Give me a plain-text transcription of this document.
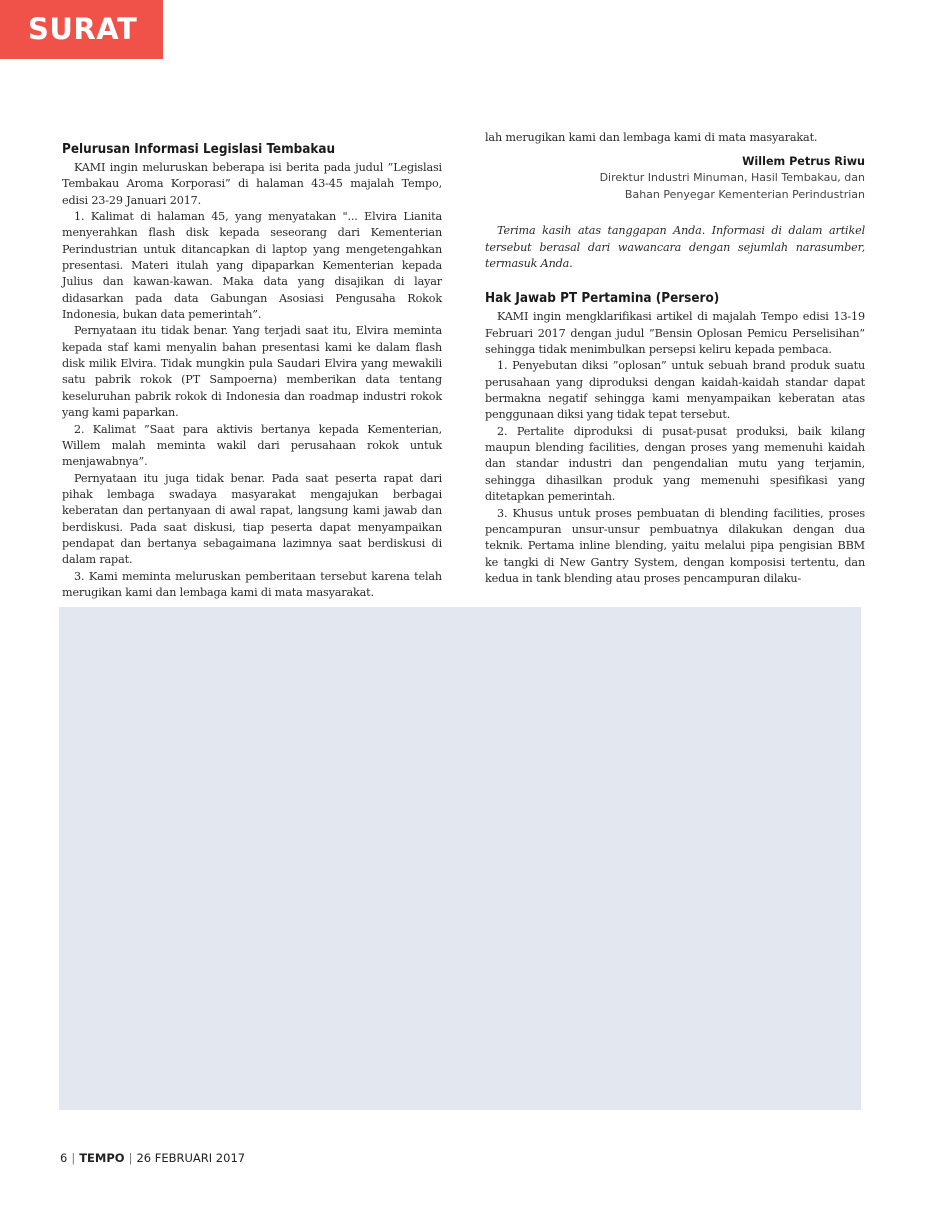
SURAT
Pelurusan Informasi Legislasi Tembakau

KAMI ingin meluruskan beberapa isi berita pada judul ”Legislasi Tembakau Aroma Korporasi” di halaman 43-45 majalah Tempo, edisi 23-29 Januari 2017.

1. Kalimat di halaman 45, yang menyatakan "... Elvira Lianita menyerahkan flash disk kepada seseorang dari Kementerian Perindustrian untuk ditancapkan di laptop yang mengetengahkan presentasi. Materi itulah yang dipaparkan Kementerian kepada Julius dan kawan-kawan. Maka data yang disajikan di layar didasarkan pada data Gabungan Asosiasi Pengusaha Rokok Indonesia, bukan data pemerintah”.

Pernyataan itu tidak benar. Yang terjadi saat itu, Elvira meminta kepada staf kami menyalin bahan presentasi kami ke dalam flash disk milik Elvira. Tidak mungkin pula Saudari Elvira yang mewakili satu pabrik rokok (PT Sampoerna) memberikan data tentang keseluruhan pabrik rokok di Indonesia dan roadmap industri rokok yang kami paparkan.

2. Kalimat ”Saat para aktivis bertanya kepada Kementerian, Willem malah meminta wakil dari perusahaan rokok untuk menjawabnya”.

Pernyataan itu juga tidak benar. Pada saat peserta rapat dari pihak lembaga swadaya masyarakat mengajukan berbagai keberatan dan pertanyaan di awal rapat, langsung kami jawab dan berdiskusi. Pada saat diskusi, tiap peserta dapat menyampaikan pendapat dan bertanya sebagaimana lazimnya saat berdiskusi di dalam rapat.

3. Kami meminta meluruskan pemberitaan tersebut karena telah merugikan kami dan lembaga kami di mata masyarakat.

lah merugikan kami dan lembaga kami di mata masyarakat.

Willem Petrus Riwu
Direktur Industri Minuman, Hasil Tembakau, dan
Bahan Penyegar Kementerian Perindustrian

Terima kasih atas tanggapan Anda. Informasi di dalam artikel tersebut berasal dari wawancara dengan sejumlah narasumber, termasuk Anda.

Hak Jawab PT Pertamina (Persero)

KAMI ingin mengklarifikasi artikel di majalah Tempo edisi 13-19 Februari 2017 dengan judul ”Bensin Oplosan Pemicu Perselisihan” sehingga tidak menimbulkan persepsi keliru kepada pembaca.

1. Penyebutan diksi ”oplosan” untuk sebuah brand produk suatu perusahaan yang diproduksi dengan kaidah-kaidah standar dapat bermakna negatif sehingga kami menyampaikan keberatan atas penggunaan diksi yang tidak tepat tersebut.

2. Pertalite diproduksi di pusat-pusat produksi, baik kilang maupun blending facilities, dengan proses yang memenuhi kaidah dan standar industri dan pengendalian mutu yang terjamin, sehingga dihasilkan produk yang memenuhi spesifikasi yang ditetapkan pemerintah.

3. Khusus untuk proses pembuatan di blending facilities, proses pencampuran unsur-unsur pembuatnya dilakukan dengan dua teknik. Pertama inline blending, yaitu melalui pipa pengisian BBM ke tangki di New Gantry System, dengan komposisi tertentu, dan kedua in tank blending atau proses pencampuran dilaku-

6 | TEMPO | 26 FEBRUARI 2017
